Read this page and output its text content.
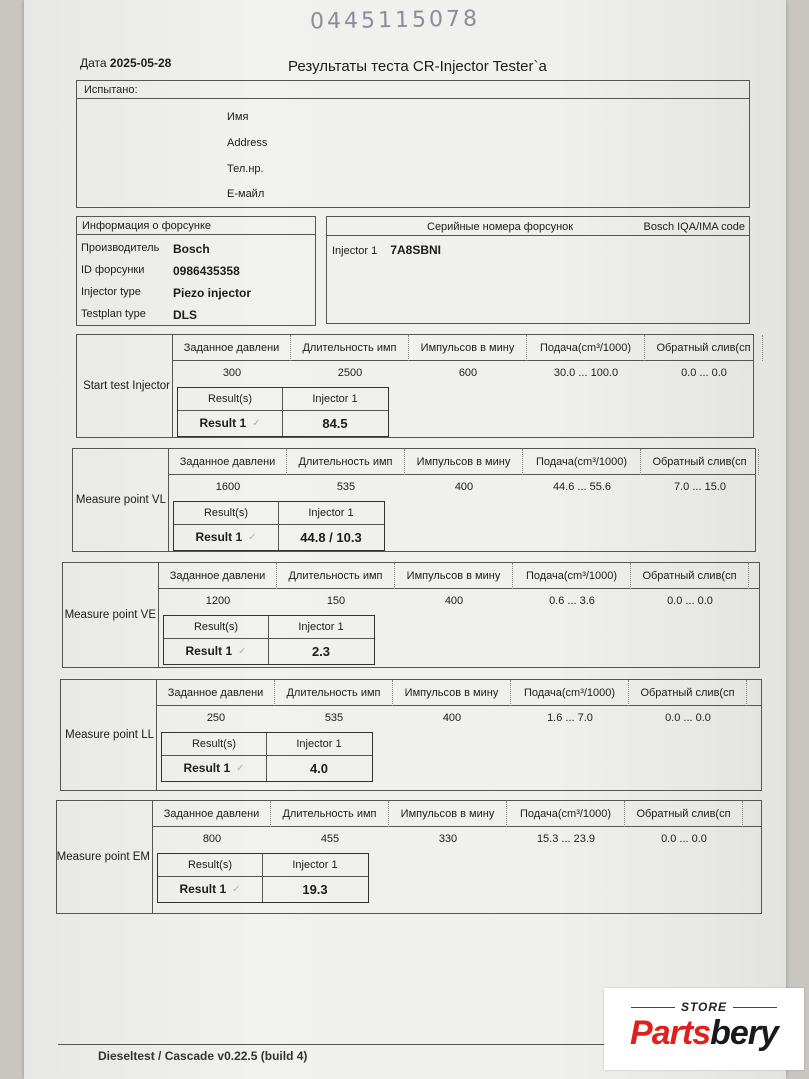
0445115078
Дата 2025-05-28	Результаты теста CR-Injector Tester`a
Испытано:
Имя
Address
Тел.нр.
E-майл
Информация о форсунке
Производитель Bosch
ID форсунки 0986435358
Injector type	Piezo injector
Testplan type DLS
Серийные номера форсунок	Bosch IQA/IMA code
Injector 1 7A8SBNI
Start test Injector
Заданное давлени	Длительность имп	Импульсов в мину	Подача(cm³/1000)	Обратный слив(сп
300	2500	600	30.0 ... 100.0	0.0 ... 0.0
Result(s)	Injector 1
Result 1 ✓	84.5
Measure point VL
Заданное давлени	Длительность имп	Импульсов в мину	Подача(cm³/1000)	Обратный слив(сп
1600	535	400	44.6 ... 55.6	7.0 ... 15.0
Result(s)	Injector 1
Result 1 ✓	44.8 / 10.3
Measure point VE
Заданное давлени	Длительность имп	Импульсов в мину	Подача(cm³/1000)	Обратный слив(сп
1200	150	400	0.6 ... 3.6	0.0 ... 0.0
Result(s)	Injector 1
Result 1 ✓	2.3
Measure point LL
Заданное давлени	Длительность имп	Импульсов в мину	Подача(cm³/1000)	Обратный слив(сп
250	535	400	1.6 ... 7.0	0.0 ... 0.0
Result(s)	Injector 1
Result 1 ✓	4.0
Measure point EM
Заданное давлени	Длительность имп	Импульсов в мину	Подача(cm³/1000)	Обратный слив(сп
800	455	330	15.3 ... 23.9	0.0 ... 0.0
Result(s)	Injector 1
Result 1 ✓	19.3
Dieseltest / Cascade v0.22.5 (build 4)
STORE
Partsbery
